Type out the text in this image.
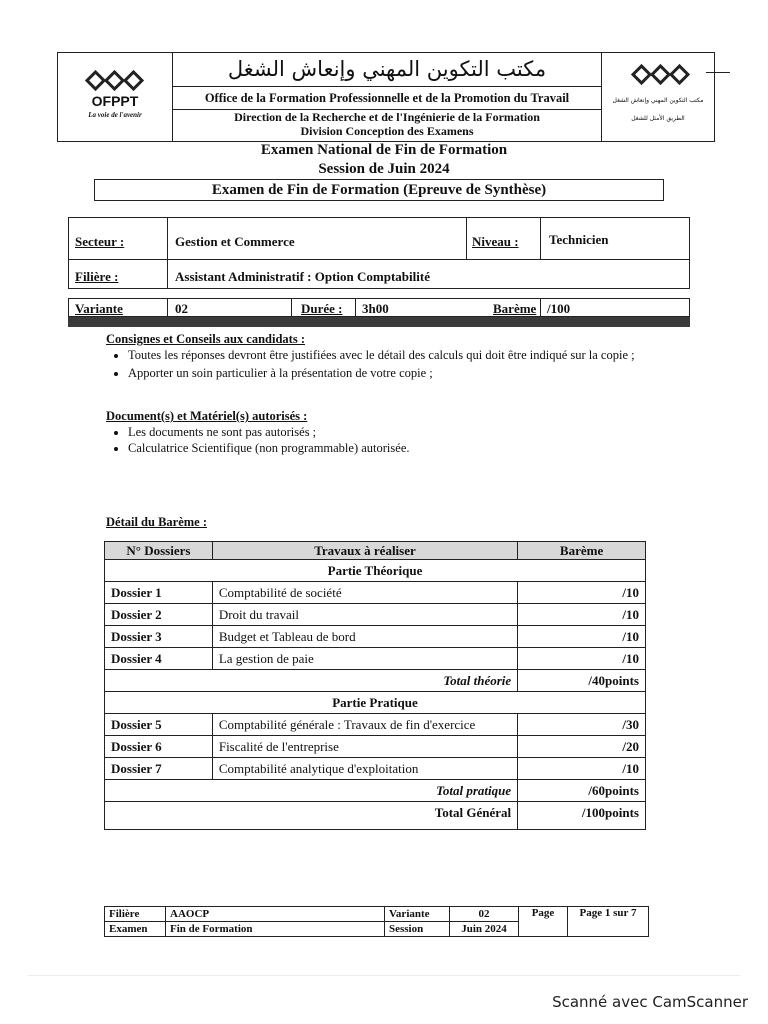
OFPPT
La voie de l'avenir
مكتب التكوين المهني وإنعاش الشغل
Office de la Formation Professionnelle et de la Promotion du Travail
Direction de la Recherche et de l'Ingénierie de la Formation
Division Conception des Examens
مكتب التكوين المهني وإنعاش الشغل
الطريق الأمثل للشغل
Examen National de Fin de Formation
Session de Juin 2024
Examen de Fin de Formation (Epreuve de Synthèse)
Secteur :	Gestion et Commerce	Niveau : Technicien
Filière :	Assistant Administratif : Option Comptabilité
Variante	02	Durée : 3h00	Barème /100
Consignes et Conseils aux candidats :
• Toutes les réponses devront être justifiées avec le détail des calculs qui doit être indiqué sur la copie ;
• Apporter un soin particulier à la présentation de votre copie ;
Document(s) et Matériel(s) autorisés :
• Les documents ne sont pas autorisés ;
• Calculatrice Scientifique (non programmable) autorisée.
Détail du Barème :
N° Dossiers	Travaux à réaliser	Barème
Partie Théorique		
Dossier 1	Comptabilité de société	/10
Dossier 2	Droit du travail	/10
Dossier 3	Budget et Tableau de bord	/10
Dossier 4	La gestion de paie	/10
Total théorie		/40points
Partie Pratique		
Dossier 5	Comptabilité générale : Travaux de fin d'exercice	/30
Dossier 6	Fiscalité de l'entreprise	/20
Dossier 7	Comptabilité analytique d'exploitation	/10
Total pratique		/60points
Total Général		/100points
Filière	AAOCP	Variante	02	Page	Page 1 sur 7
Examen	Fin de Formation	Session	Juin 2024		
Scanné avec CamScanner
